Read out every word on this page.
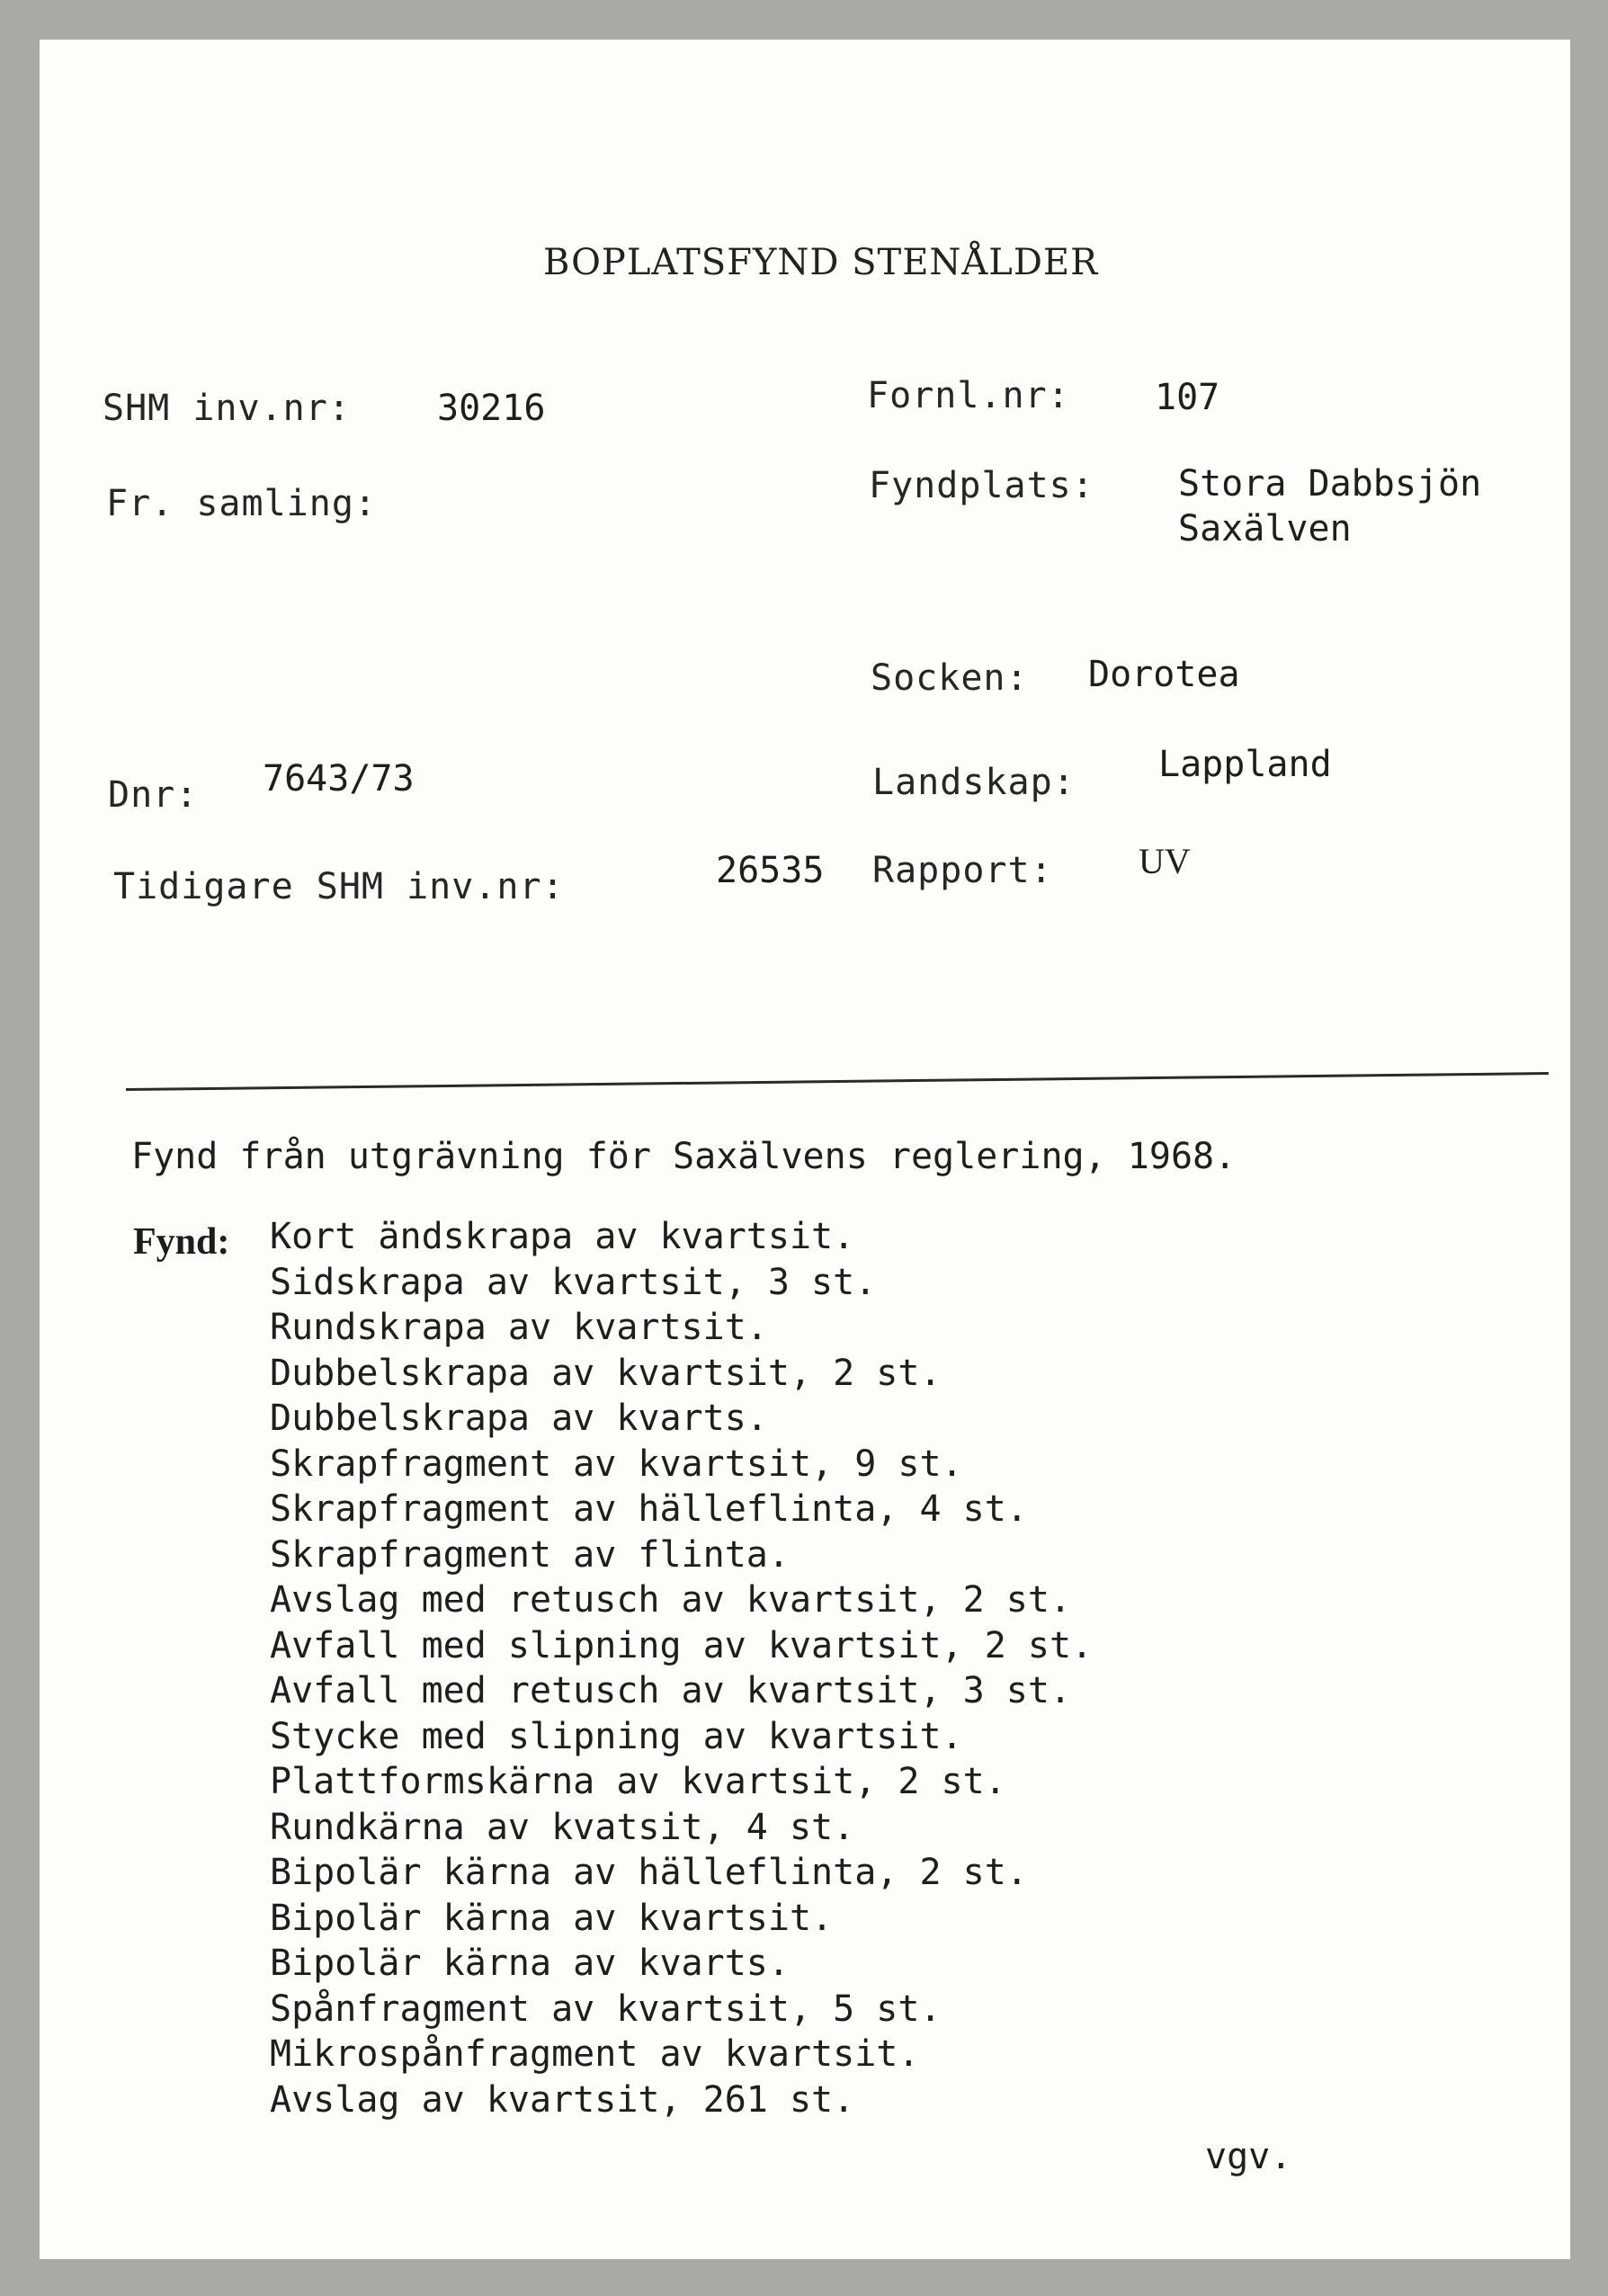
BOPLATSFYND STENÅLDER
SHM inv.nr: 30216
Fr. samling:
Dnr: 7643/73
Tidigare SHM inv.nr:	26535
Fornl.nr: 107
Fyndplats: Stora Dabbsjön
Saxälven
Socken: Dorotea
Landskap: Lappland
Rapport: UV
Fynd från utgrävning för Saxälvens reglering, 1968.
Fynd: Kort ändskrapa av kvartsit.
Sidskrapa av kvartsit, 3 st.
Rundskrapa av kvartsit.
Dubbelskrapa av kvartsit, 2 st.
Dubbelskrapa av kvarts.
Skrapfragment av kvartsit, 9 st.
Skrapfragment av hälleflinta, 4 st.
Skrapfragment av flinta.
Avslag med retusch av kvartsit, 2 st.
Avfall med slipning av kvartsit, 2 st.
Avfall med retusch av kvartsit, 3 st.
Stycke med slipning av kvartsit.
Plattformskärna av kvartsit, 2 st.
Rundkärna av kvatsit, 4 st.
Bipolär kärna av hälleflinta, 2 st.
Bipolär kärna av kvartsit.
Bipolär kärna av kvarts.
Spånfragment av kvartsit, 5 st.
Mikrospånfragment av kvartsit.
Avslag av kvartsit, 261 st.
vgv.
